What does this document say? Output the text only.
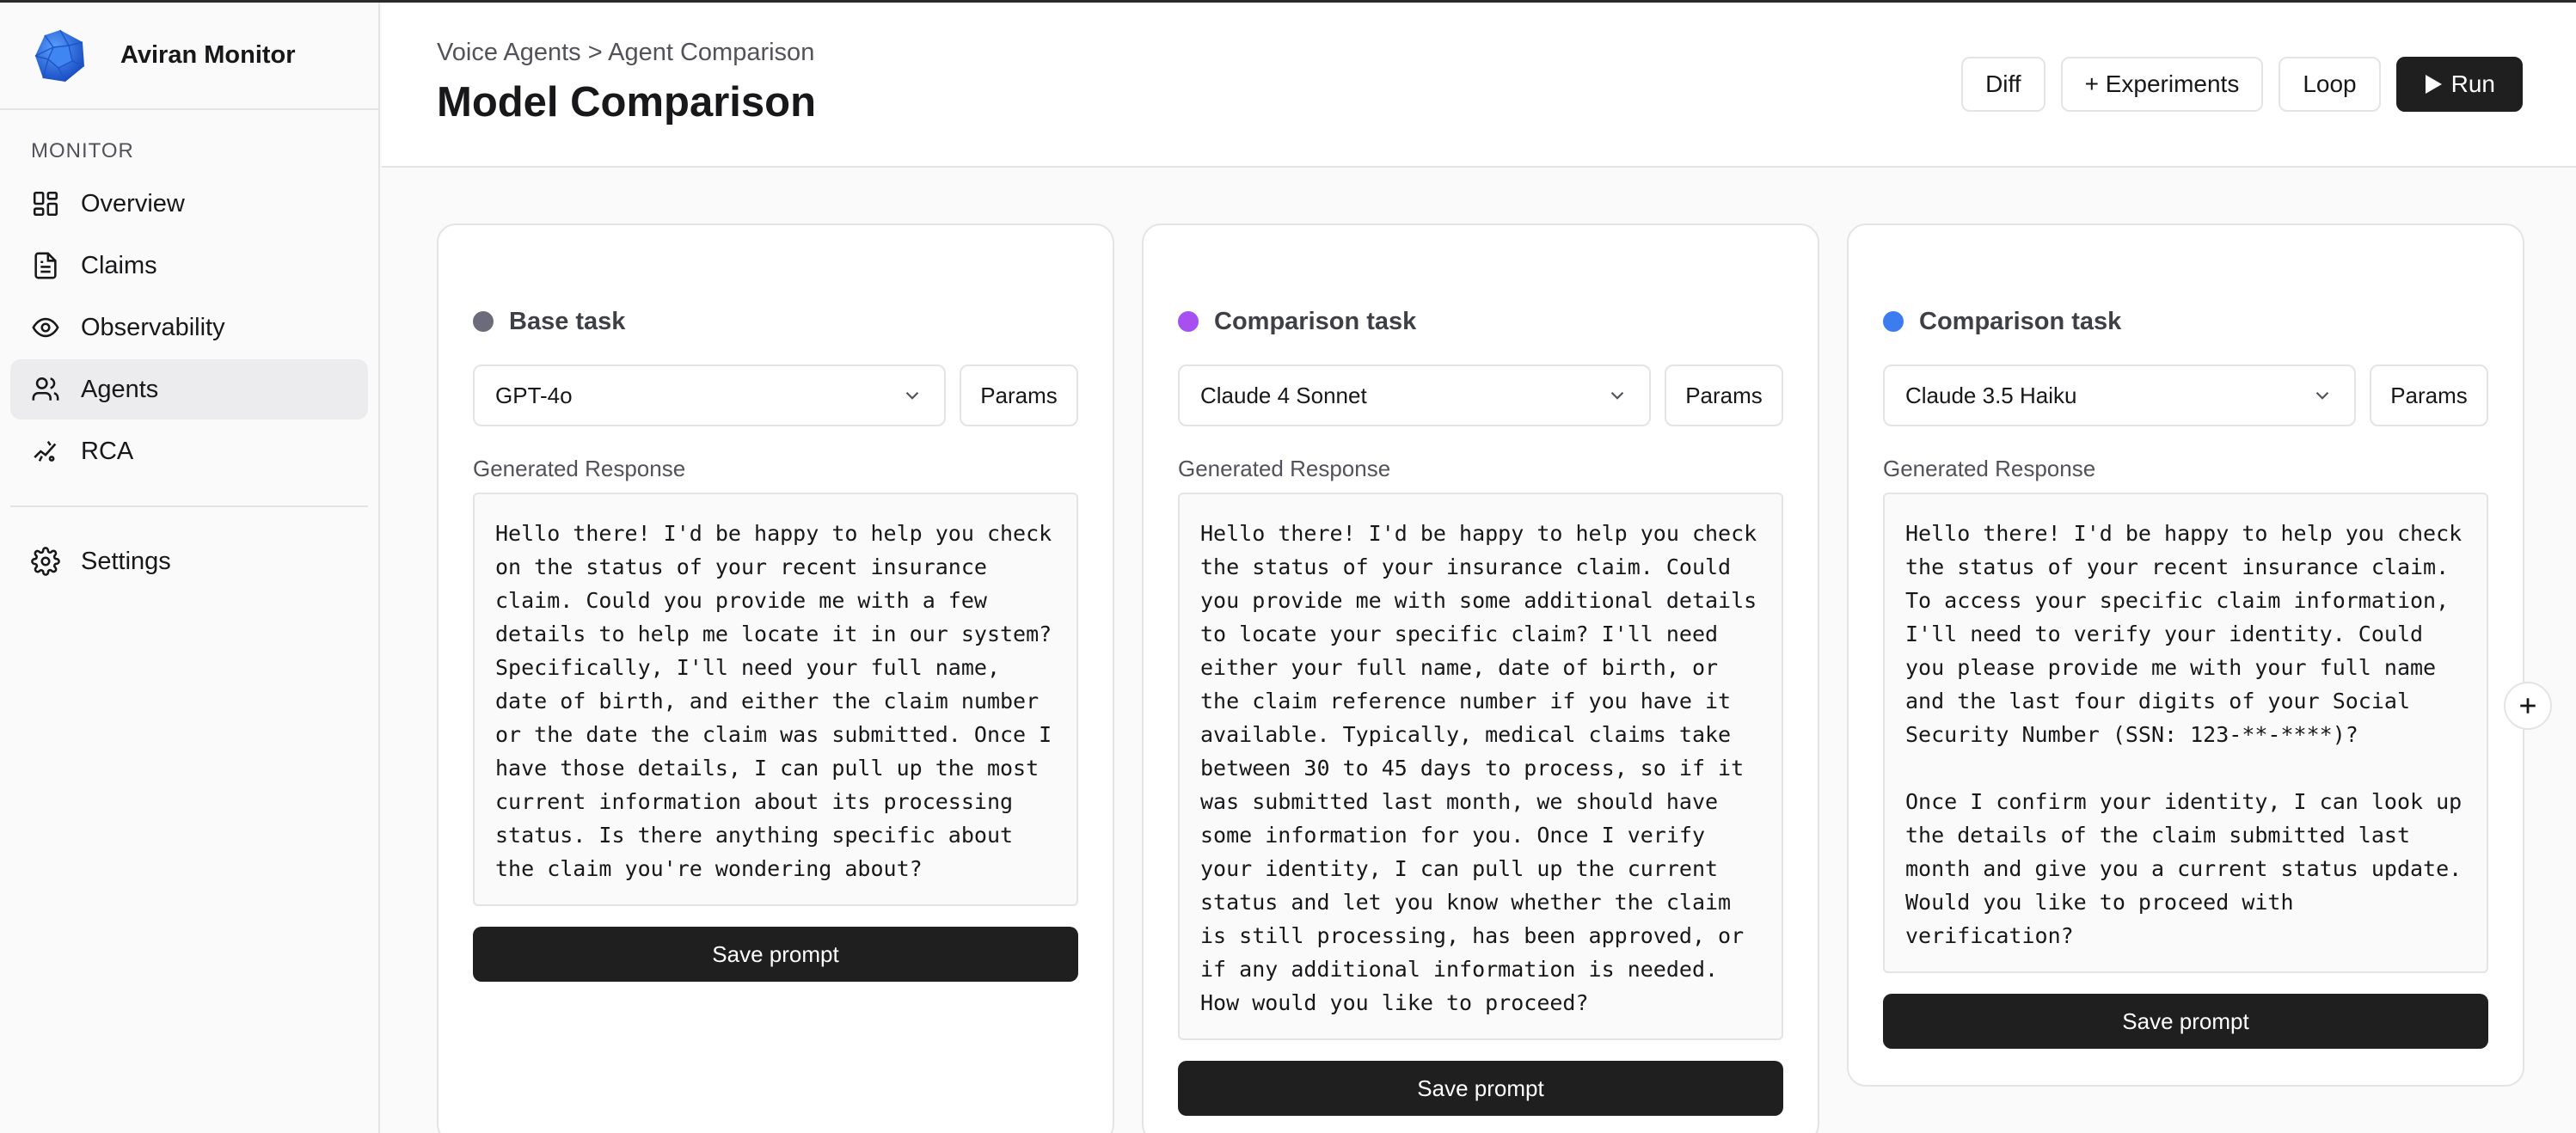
Aviran Monitor
MONITOR
Overview
Claims
Observability
Agents
RCA
Settings
Voice Agents > Agent Comparison
Model Comparison	Diff	+ Experiments	Loop	Run
Base task
GPT-4o	Params
Generated Response
Hello there! I'd be happy to help you check on the status of your recent insurance claim. Could you provide me with a few details to help me locate it in our system? Specifically, I'll need your full name, date of birth, and either the claim number or the date the claim was submitted. Once I have those details, I can pull up the most current information about its processing status. Is there anything specific about the claim you're wondering about?
Save prompt
Comparison task
Claude 4 Sonnet	Params
Generated Response
Hello there! I'd be happy to help you check the status of your insurance claim. Could you provide me with some additional details to locate your specific claim? I'll need either your full name, date of birth, or the claim reference number if you have it available. Typically, medical claims take between 30 to 45 days to process, so if it was submitted last month, we should have some information for you. Once I verify your identity, I can pull up the current status and let you know whether the claim is still processing, has been approved, or if any additional information is needed. How would you like to proceed?
Save prompt
Comparison task
Claude 3.5 Haiku	Params
Generated Response
Hello there! I'd be happy to help you check the status of your recent insurance claim. To access your specific claim information, I'll need to verify your identity. Could you please provide me with your full name and the last four digits of your Social Security Number (SSN: 123-**-****)?

Once I confirm your identity, I can look up the details of the claim submitted last month and give you a current status update. Would you like to proceed with verification?
Save prompt
